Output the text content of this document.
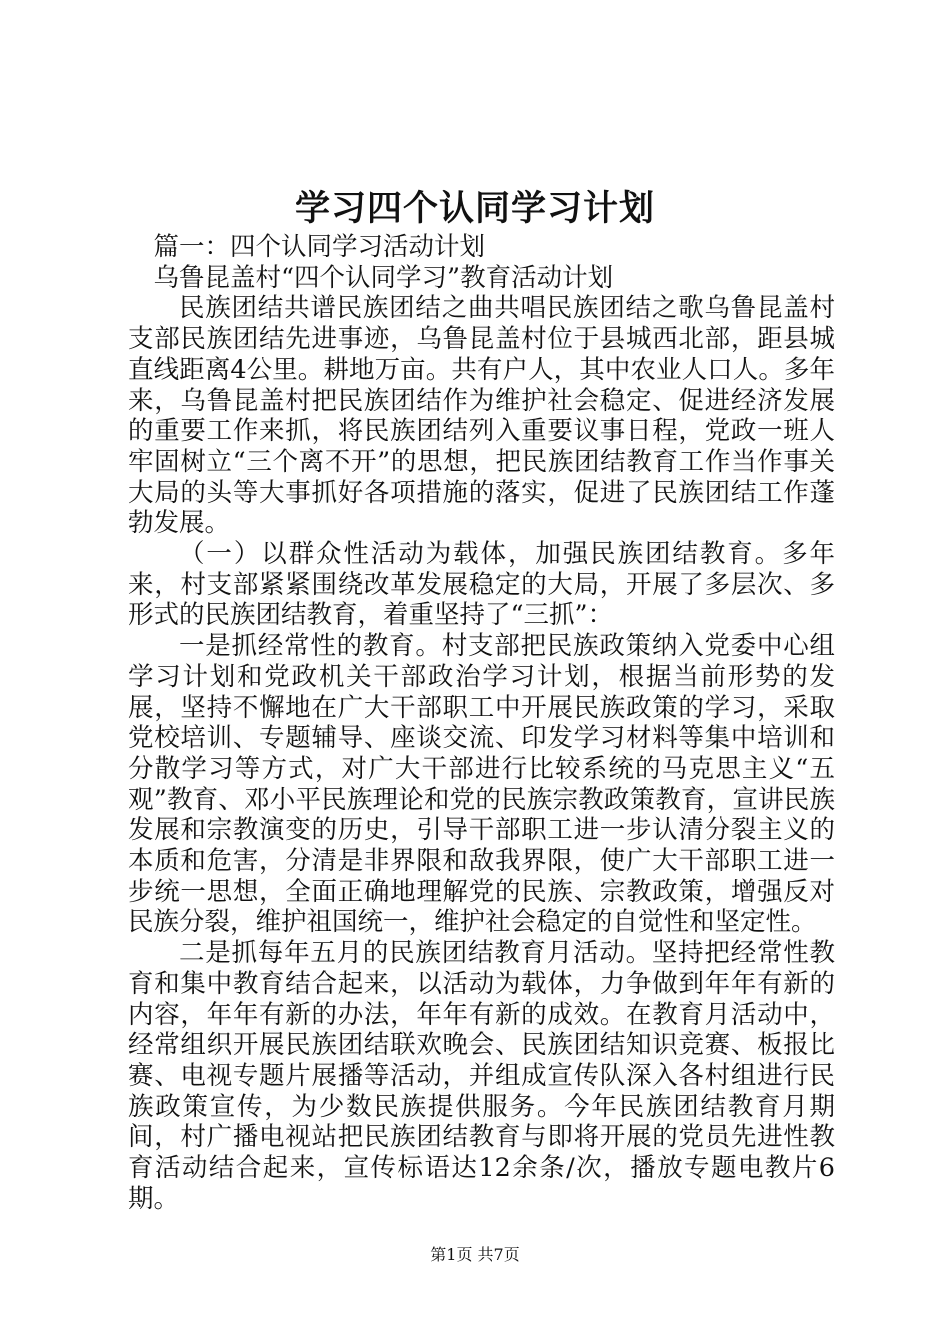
学习四个认同学习计划

篇一：四个认同学习活动计划

乌鲁昆盖村“四个认同学习”教育活动计划

民族团结共谱民族团结之曲共唱民族团结之歌乌鲁昆盖村支部民族团结先进事迹，乌鲁昆盖村位于县城西北部，距县城直线距离4公里。耕地万亩。共有户人，其中农业人口人。多年来，乌鲁昆盖村把民族团结作为维护社会稳定、促进经济发展的重要工作来抓，将民族团结列入重要议事日程，党政一班人牢固树立“三个离不开”的思想，把民族团结教育工作当作事关大局的头等大事抓好各项措施的落实，促进了民族团结工作蓬勃发展。

（一）以群众性活动为载体，加强民族团结教育。多年来，村支部紧紧围绕改革发展稳定的大局，开展了多层次、多形式的民族团结教育，着重坚持了“三抓”：

一是抓经常性的教育。村支部把民族政策纳入党委中心组学习计划和党政机关干部政治学习计划，根据当前形势的发展，坚持不懈地在广大干部职工中开展民族政策的学习，采取党校培训、专题辅导、座谈交流、印发学习材料等集中培训和分散学习等方式，对广大干部进行比较系统的马克思主义“五观”教育、邓小平民族理论和党的民族宗教政策教育，宣讲民族发展和宗教演变的历史，引导干部职工进一步认清分裂主义的本质和危害，分清是非界限和敌我界限，使广大干部职工进一步统一思想，全面正确地理解党的民族、宗教政策，增强反对民族分裂，维护祖国统一，维护社会稳定的自觉性和坚定性。

二是抓每年五月的民族团结教育月活动。坚持把经常性教育和集中教育结合起来，以活动为载体，力争做到年年有新的内容，年年有新的办法，年年有新的成效。在教育月活动中，经常组织开展民族团结联欢晚会、民族团结知识竞赛、板报比赛、电视专题片展播等活动，并组成宣传队深入各村组进行民族政策宣传，为少数民族提供服务。今年民族团结教育月期间，村广播电视站把民族团结教育与即将开展的党员先进性教育活动结合起来，宣传标语达12余条/次，播放专题电教片6期。

第1页 共7页
